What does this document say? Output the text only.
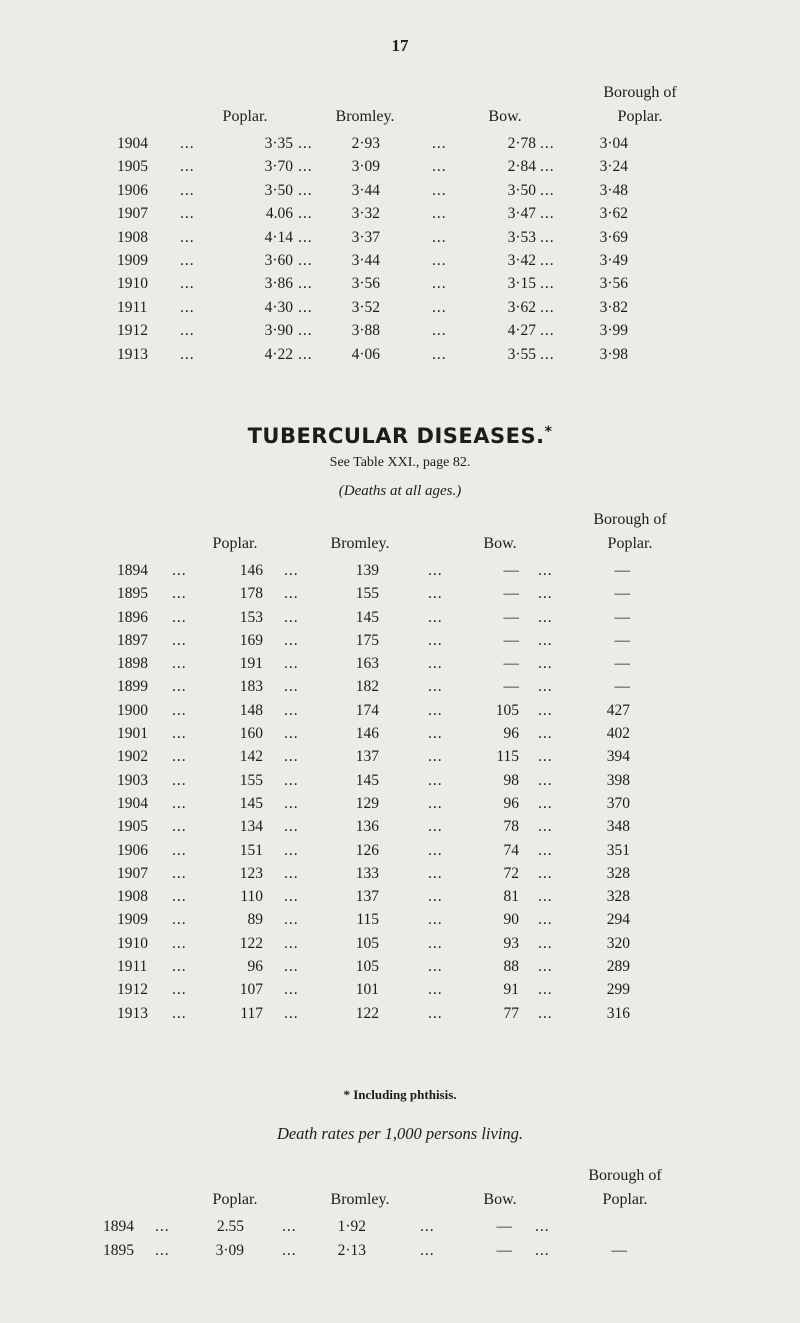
17
Poplar.	Bromley.	Bow.
Borough of
Poplar.
1904 ...	3·35 ...	2·93	...	2·78 ...	3·04
1905 ...	3·70 ...	3·09	...	2·84 ...	3·24
1906 ...	3·50 ...	3·44	...	3·50 ...	3·48
1907 ...	4.06 ...	3·32	...	3·47 ...	3·62
1908 ...	4·14 ...	3·37	...	3·53 ...	3·69
1909 ...	3·60 ...	3·44	...	3·42 ...	3·49
1910 ...	3·86 ...	3·56	...	3·15 ...	3·56
1911 ...	4·30 ...	3·52	...	3·62 ...	3·82
1912 ...	3·90 ...	3·88	...	4·27 ...	3·99
1913 ...	4·22 ...	4·06	...	3·55 ...	3·98
TUBERCULAR DISEASES.*
See Table XXI., page 82.
(Deaths at all ages.)
Poplar.	Bromley.	Bow.
Borough of
Poplar.
1894 ...	146 ...	139	...	— ...	—
1895 ...	178 ...	155	...	— ...	—
1896 ...	153 ...	145	...	— ...	—
1897 ...	169 ...	175	...	— ...	—
1898 ...	191 ...	163	...	— ...	—
1899 ...	183 ...	182	...	— ...	—
1900 ...	148 ...	174	...	105 ...	427
1901 ...	160 ...	146	...	96 ...	402
1902 ...	142 ...	137	...	115 ...	394
1903 ...	155 ...	145	...	98 ...	398
1904 ...	145 ...	129	...	96 ...	370
1905 ...	134 ...	136	...	78 ...	348
1906 ...	151 ...	126	...	74 ...	351
1907 ...	123 ...	133	...	72 ...	328
1908 ...	110 ...	137	...	81 ...	328
1909 ...	89 ...	115	...	90 ...	294
1910 ...	122 ...	105	...	93 ...	320
1911 ...	96 ...	105	...	88 ...	289
1912 ...	107 ...	101	...	91 ...	299
1913 ...	117 ...	122	...	77 ...	316
* Including phthisis.
Death rates per 1,000 persons living.
Poplar.	Bromley.	Bow.
Borough of
Poplar.
1894 ...	2.55 ...	1·92	...	— ...
1895 ...	3·09 ...	2·13	...	— ...	—
